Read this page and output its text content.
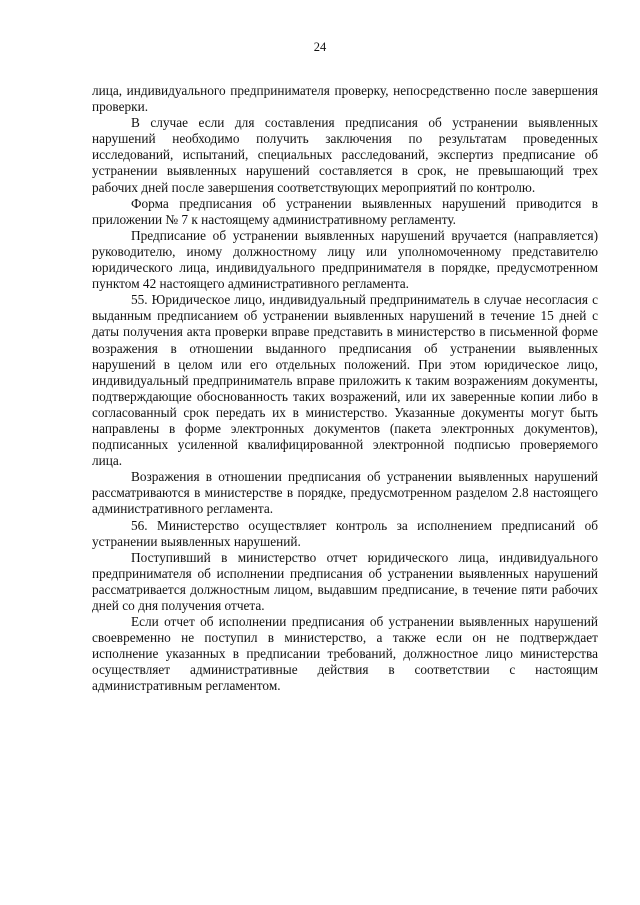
24

лица, индивидуального предпринимателя проверку, непосредственно после завершения проверки.

В случае если для составления предписания об устранении выявленных нарушений необходимо получить заключения по результатам проведенных исследований, испытаний, специальных расследований, экспертиз предписание об устранении выявленных нарушений составляется в срок, не превышающий трех рабочих дней после завершения соответствующих мероприятий по контролю.

Форма предписания об устранении выявленных нарушений приводится в приложении № 7 к настоящему административному регламенту.

Предписание об устранении выявленных нарушений вручается (направляется) руководителю, иному должностному лицу или уполномоченному представителю юридического лица, индивидуального предпринимателя в порядке, предусмотренном пунктом 42 настоящего административного регламента.

55. Юридическое лицо, индивидуальный предприниматель в случае несогласия с выданным предписанием об устранении выявленных нарушений в течение 15 дней с даты получения акта проверки вправе представить в министерство в письменной форме возражения в отношении выданного предписания об устранении выявленных нарушений в целом или его отдельных положений. При этом юридическое лицо, индивидуальный предприниматель вправе приложить к таким возражениям документы, подтверждающие обоснованность таких возражений, или их заверенные копии либо в согласованный срок передать их в министерство. Указанные документы могут быть направлены в форме электронных документов (пакета электронных документов), подписанных усиленной квалифицированной электронной подписью проверяемого лица.

Возражения в отношении предписания об устранении выявленных нарушений рассматриваются в министерстве в порядке, предусмотренном разделом 2.8 настоящего административного регламента.

56. Министерство осуществляет контроль за исполнением предписаний об устранении выявленных нарушений.

Поступивший в министерство отчет юридического лица, индивидуального предпринимателя об исполнении предписания об устранении выявленных нарушений рассматривается должностным лицом, выдавшим предписание, в течение пяти рабочих дней со дня получения отчета.

Если отчет об исполнении предписания об устранении выявленных нарушений своевременно не поступил в министерство, а также если он не подтверждает исполнение указанных в предписании требований, должностное лицо министерства осуществляет административные действия в соответствии с настоящим административным регламентом.
